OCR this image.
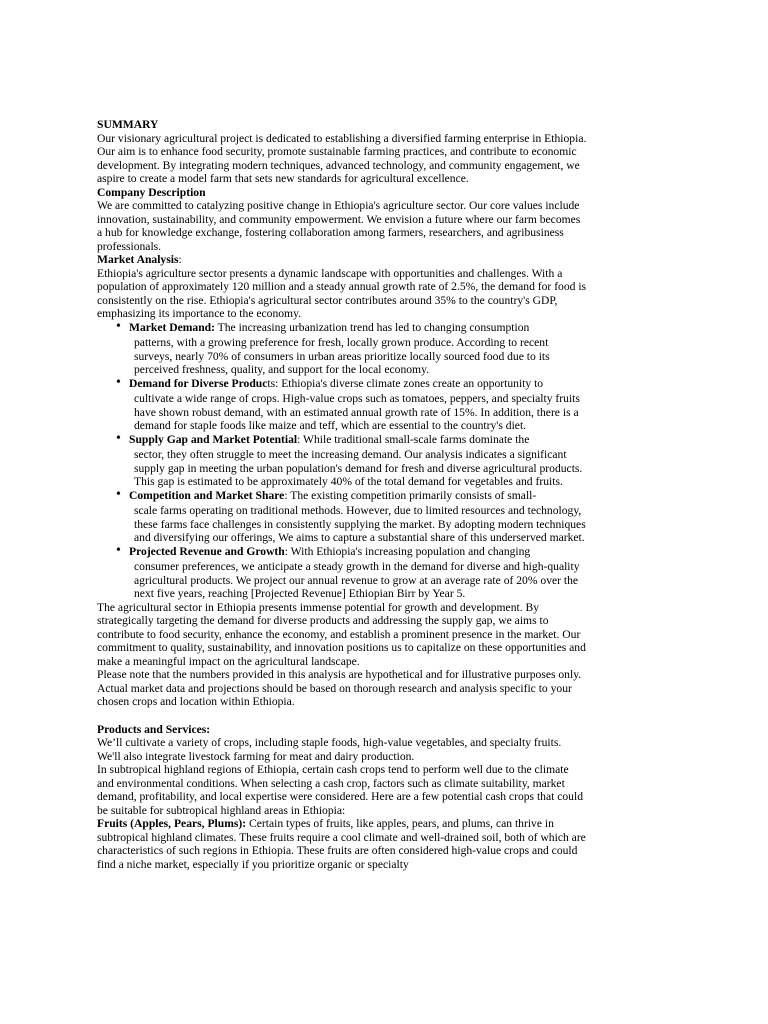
SUMMARY

Our visionary agricultural project is dedicated to establishing a diversified farming enterprise in Ethiopia. Our aim is to enhance food security, promote sustainable farming practices, and contribute to economic development. By integrating modern techniques, advanced technology, and community engagement, we aspire to create a model farm that sets new standards for agricultural excellence.

Company Description

We are committed to catalyzing positive change in Ethiopia's agriculture sector. Our core values include innovation, sustainability, and community empowerment. We envision a future where our farm becomes a hub for knowledge exchange, fostering collaboration among farmers, researchers, and agribusiness professionals.

Market Analysis:

Ethiopia's agriculture sector presents a dynamic landscape with opportunities and challenges. With a population of approximately 120 million and a steady annual growth rate of 2.5%, the demand for food is consistently on the rise. Ethiopia's agricultural sector contributes around 35% to the country's GDP, emphasizing its importance to the economy.

• Market Demand: The increasing urbanization trend has led to changing consumption
patterns, with a growing preference for fresh, locally grown produce. According to recent surveys, nearly 70% of consumers in urban areas prioritize locally sourced food due to its perceived freshness, quality, and support for the local economy.
• Demand for Diverse Products: Ethiopia's diverse climate zones create an opportunity to
cultivate a wide range of crops. High-value crops such as tomatoes, peppers, and specialty fruits have shown robust demand, with an estimated annual growth rate of 15%. In addition, there is a demand for staple foods like maize and teff, which are essential to the country's diet.
• Supply Gap and Market Potential: While traditional small-scale farms dominate the
sector, they often struggle to meet the increasing demand. Our analysis indicates a significant supply gap in meeting the urban population's demand for fresh and diverse agricultural products. This gap is estimated to be approximately 40% of the total demand for vegetables and fruits.
• Competition and Market Share: The existing competition primarily consists of small-
scale farms operating on traditional methods. However, due to limited resources and technology, these farms face challenges in consistently supplying the market. By adopting modern techniques and diversifying our offerings, We aims to capture a substantial share of this underserved market.
• Projected Revenue and Growth: With Ethiopia's increasing population and changing
consumer preferences, we anticipate a steady growth in the demand for diverse and high-quality agricultural products. We project our annual revenue to grow at an average rate of 20% over the next five years, reaching [Projected Revenue] Ethiopian Birr by Year 5.

The agricultural sector in Ethiopia presents immense potential for growth and development. By strategically targeting the demand for diverse products and addressing the supply gap, we aims to contribute to food security, enhance the economy, and establish a prominent presence in the market. Our commitment to quality, sustainability, and innovation positions us to capitalize on these opportunities and make a meaningful impact on the agricultural landscape.

Please note that the numbers provided in this analysis are hypothetical and for illustrative purposes only. Actual market data and projections should be based on thorough research and analysis specific to your chosen crops and location within Ethiopia.

Products and Services:

We’ll cultivate a variety of crops, including staple foods, high-value vegetables, and specialty fruits. We'll also integrate livestock farming for meat and dairy production.

In subtropical highland regions of Ethiopia, certain cash crops tend to perform well due to the climate and environmental conditions. When selecting a cash crop, factors such as climate suitability, market demand, profitability, and local expertise were considered. Here are a few potential cash crops that could be suitable for subtropical highland areas in Ethiopia:

Fruits (Apples, Pears, Plums): Certain types of fruits, like apples, pears, and plums, can thrive in subtropical highland climates. These fruits require a cool climate and well-drained soil, both of which are characteristics of such regions in Ethiopia. These fruits are often considered high-value crops and could find a niche market, especially if you prioritize organic or specialty
